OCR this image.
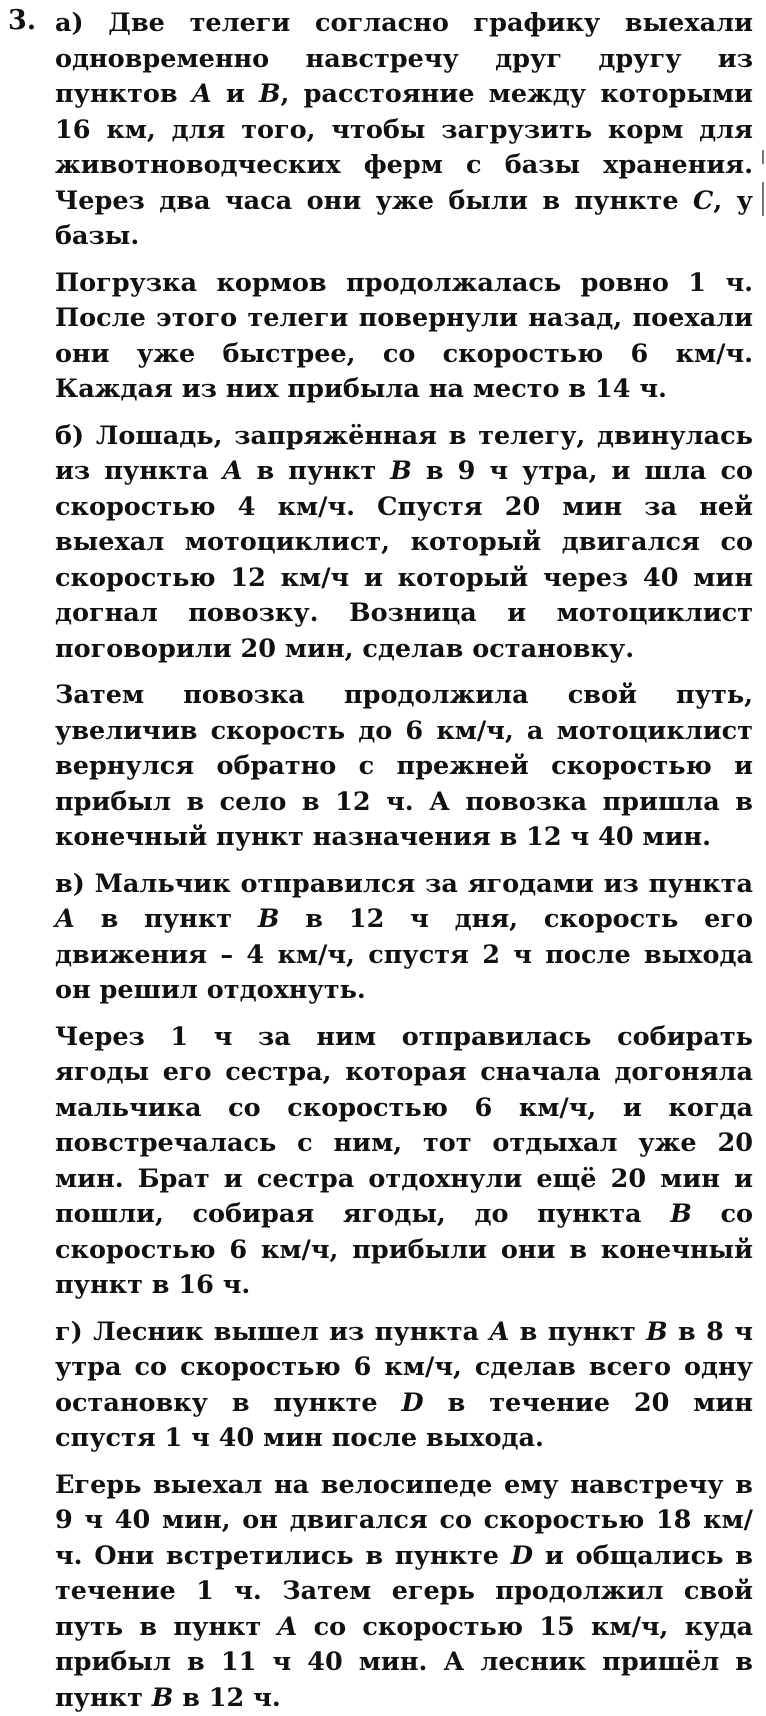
3. а) Две телеги согласно графику выехали одновременно навстречу друг другу из пунктов A и B, расстояние между которыми 16 км, для того, чтобы загрузить корм для животноводческих ферм с базы хранения. Через два часа они уже были в пункте C, у базы.

Погрузка кормов продолжалась ровно 1 ч. После этого телеги повернули назад, поехали они уже быстрее, со скоростью 6 км/ч. Каждая из них прибыла на место в 14 ч.

б) Лошадь, запряжённая в телегу, двинулась из пункта A в пункт B в 9 ч утра, и шла со скоростью 4 км/ч. Спустя 20 мин за ней выехал мотоциклист, который двигался со скоростью 12 км/ч и который через 40 мин догнал повозку. Возница и мотоциклист поговорили 20 мин, сделав остановку.

Затем повозка продолжила свой путь, увеличив скорость до 6 км/ч, а мотоциклист вернулся обратно с прежней скоростью и прибыл в село в 12 ч. А повозка пришла в конечный пункт назначения в 12 ч 40 мин.

в) Мальчик отправился за ягодами из пункта A в пункт B в 12 ч дня, скорость его движения – 4 км/ч, спустя 2 ч после выхода он решил отдохнуть.

Через 1 ч за ним отправилась собирать ягоды его сестра, которая сначала догоняла мальчика со скоростью 6 км/ч, и когда повстречалась с ним, тот отдыхал уже 20 мин. Брат и сестра отдохнули ещё 20 мин и пошли, собирая ягоды, до пункта B со скоростью 6 км/ч, прибыли они в конечный пункт в 16 ч.

г) Лесник вышел из пункта A в пункт B в 8 ч утра со скоростью 6 км/ч, сделав всего одну остановку в пункте D в течение 20 мин спустя 1 ч 40 мин после выхода.

Егерь выехал на велосипеде ему навстречу в 9 ч 40 мин, он двигался со скоростью 18 км/ч. Они встретились в пункте D и общались в течение 1 ч. Затем егерь продолжил свой путь в пункт A со скоростью 15 км/ч, куда прибыл в 11 ч 40 мин. А лесник пришёл в пункт B в 12 ч.
